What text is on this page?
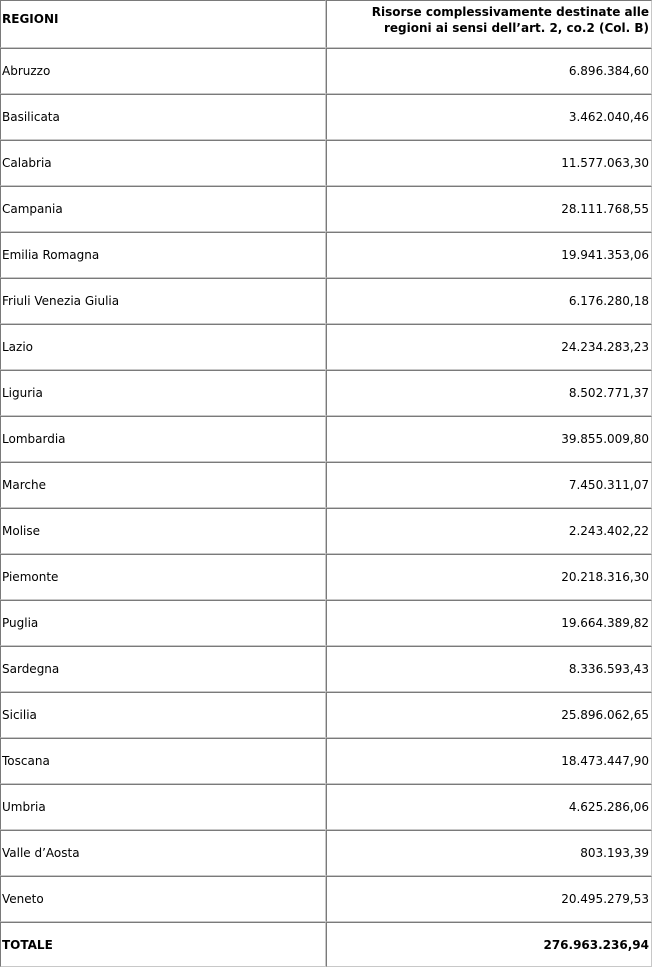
REGIONI	Risorse complessivamente destinate alle
regioni ai sensi dell’art. 2, co.2 (Col. B)
Abruzzo	6.896.384,60
Basilicata	3.462.040,46
Calabria	11.577.063,30
Campania	28.111.768,55
Emilia Romagna	19.941.353,06
Friuli Venezia Giulia	6.176.280,18
Lazio	24.234.283,23
Liguria	8.502.771,37
Lombardia	39.855.009,80
Marche	7.450.311,07
Molise	2.243.402,22
Piemonte	20.218.316,30
Puglia	19.664.389,82
Sardegna	8.336.593,43
Sicilia	25.896.062,65
Toscana	18.473.447,90
Umbria	4.625.286,06
Valle d’Aosta	803.193,39
Veneto	20.495.279,53
TOTALE	276.963.236,94
